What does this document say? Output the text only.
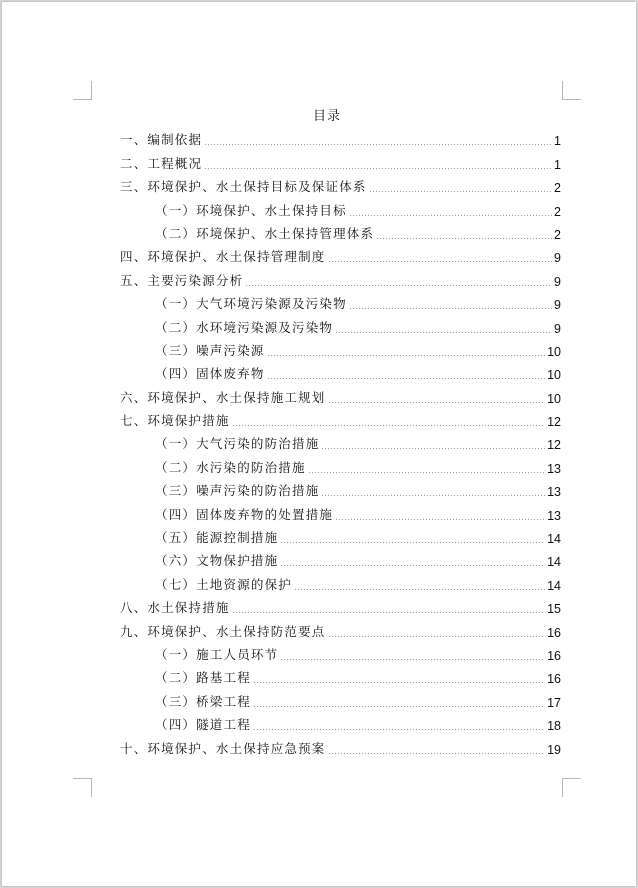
目录
一、编制依据	1
二、工程概况	1
三、环境保护、水土保持目标及保证体系	2
（一）环境保护、水土保持目标	2
（二）环境保护、水土保持管理体系	2
四、环境保护、水土保持管理制度	9
五、主要污染源分析	9
（一）大气环境污染源及污染物	9
（二）水环境污染源及污染物	9
（三）噪声污染源	10
（四）固体废弃物	10
六、环境保护、水土保持施工规划	10
七、环境保护措施	12
（一）大气污染的防治措施	12
（二）水污染的防治措施	13
（三）噪声污染的防治措施	13
（四）固体废弃物的处置措施	13
（五）能源控制措施	14
（六）文物保护措施	14
（七）土地资源的保护	14
八、水土保持措施	15
九、环境保护、水土保持防范要点	16
（一）施工人员环节	16
（二）路基工程	16
（三）桥梁工程	17
（四）隧道工程	18
十、环境保护、水土保持应急预案	19
